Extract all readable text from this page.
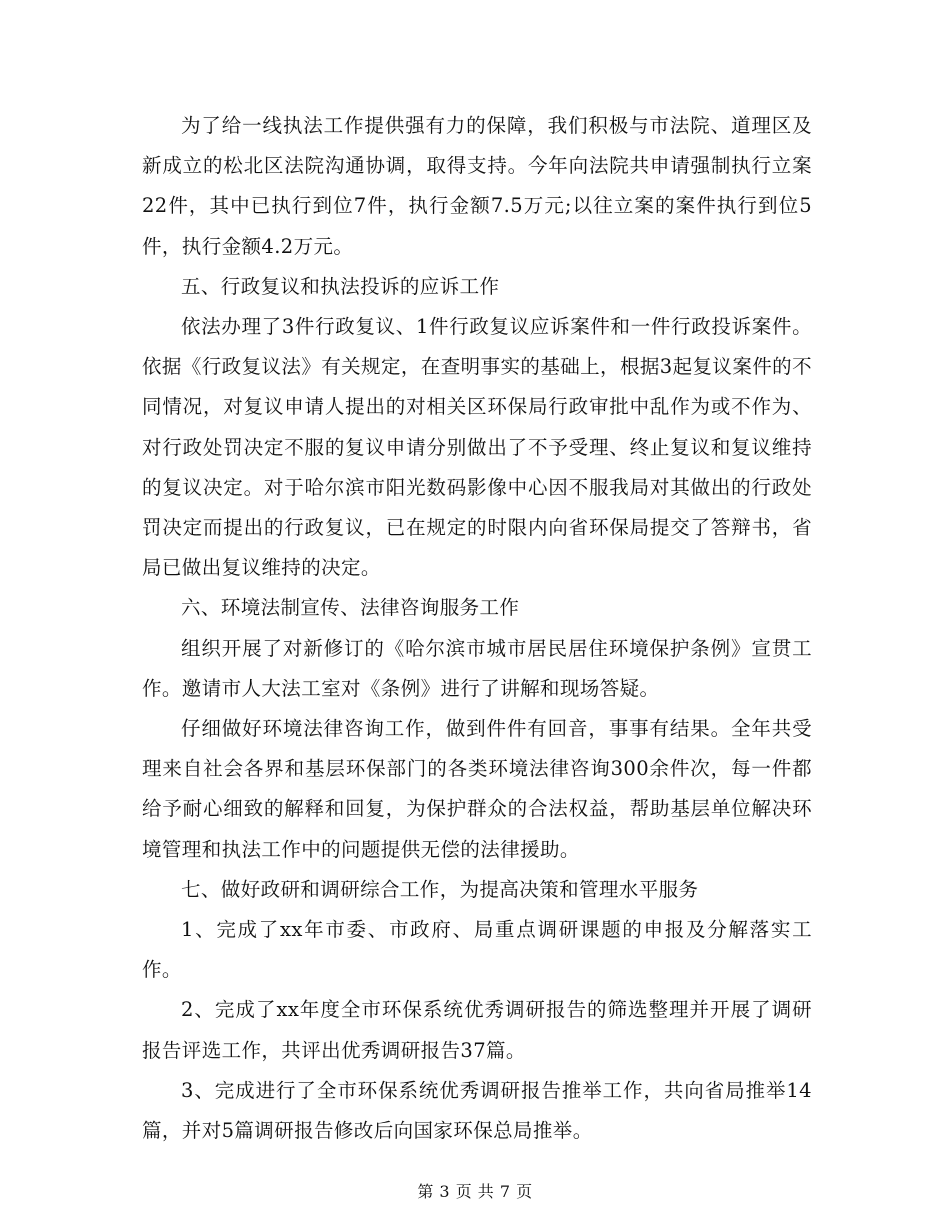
为了给一线执法工作提供强有力的保障，我们积极与市法院、道理区及新成立的松北区法院沟通协调，取得支持。今年向法院共申请强制执行立案22件，其中已执行到位7件，执行金额7.5万元;以往立案的案件执行到位5件，执行金额4.2万元。

五、行政复议和执法投诉的应诉工作

依法办理了3件行政复议、1件行政复议应诉案件和一件行政投诉案件。依据《行政复议法》有关规定，在查明事实的基础上，根据3起复议案件的不同情况，对复议申请人提出的对相关区环保局行政审批中乱作为或不作为、对行政处罚决定不服的复议申请分别做出了不予受理、终止复议和复议维持的复议决定。对于哈尔滨市阳光数码影像中心因不服我局对其做出的行政处罚决定而提出的行政复议，已在规定的时限内向省环保局提交了答辩书，省局已做出复议维持的决定。

六、环境法制宣传、法律咨询服务工作

组织开展了对新修订的《哈尔滨市城市居民居住环境保护条例》宣贯工作。邀请市人大法工室对《条例》进行了讲解和现场答疑。

仔细做好环境法律咨询工作，做到件件有回音，事事有结果。全年共受理来自社会各界和基层环保部门的各类环境法律咨询300余件次，每一件都给予耐心细致的解释和回复，为保护群众的合法权益，帮助基层单位解决环境管理和执法工作中的问题提供无偿的法律援助。

七、做好政研和调研综合工作，为提高决策和管理水平服务

1、完成了xx年市委、市政府、局重点调研课题的申报及分解落实工作。

2、完成了xx年度全市环保系统优秀调研报告的筛选整理并开展了调研报告评选工作，共评出优秀调研报告37篇。

3、完成进行了全市环保系统优秀调研报告推举工作，共向省局推举14篇，并对5篇调研报告修改后向国家环保总局推举。

第 3 页 共 7 页
